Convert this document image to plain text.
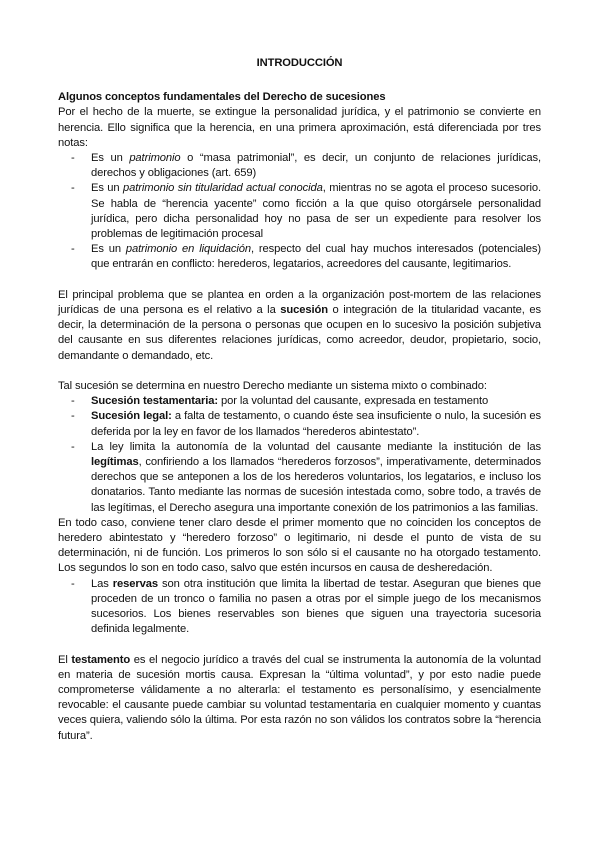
INTRODUCCIÓN
Algunos conceptos fundamentales del Derecho de sucesiones

Por el hecho de la muerte, se extingue la personalidad jurídica, y el patrimonio se convierte en herencia. Ello significa que la herencia, en una primera aproximación, está diferenciada por tres notas:

- Es un patrimonio o “masa patrimonial”, es decir, un conjunto de relaciones jurídicas, derechos y obligaciones (art. 659)
- Es un patrimonio sin titularidad actual conocida, mientras no se agota el proceso sucesorio. Se habla de “herencia yacente” como ficción a la que quiso otorgársele personalidad jurídica, pero dicha personalidad hoy no pasa de ser un expediente para resolver los problemas de legitimación procesal
- Es un patrimonio en liquidación, respecto del cual hay muchos interesados (potenciales) que entrarán en conflicto: herederos, legatarios, acreedores del causante, legitimarios.

El principal problema que se plantea en orden a la organización post-mortem de las relaciones jurídicas de una persona es el relativo a la sucesión o integración de la titularidad vacante, es decir, la determinación de la persona o personas que ocupen en lo sucesivo la posición subjetiva del causante en sus diferentes relaciones jurídicas, como acreedor, deudor, propietario, socio, demandante o demandado, etc.

Tal sucesión se determina en nuestro Derecho mediante un sistema mixto o combinado:

- Sucesión testamentaria: por la voluntad del causante, expresada en testamento
- Sucesión legal: a falta de testamento, o cuando éste sea insuficiente o nulo, la sucesión es deferida por la ley en favor de los llamados “herederos abintestato”.
- La ley limita la autonomía de la voluntad del causante mediante la institución de las legítimas, confiriendo a los llamados “herederos forzosos”, imperativamente, determinados derechos que se anteponen a los de los herederos voluntarios, los legatarios, e incluso los donatarios. Tanto mediante las normas de sucesión intestada como, sobre todo, a través de las legítimas, el Derecho asegura una importante conexión de los patrimonios a las familias.

En todo caso, conviene tener claro desde el primer momento que no coinciden los conceptos de heredero abintestato y “heredero forzoso” o legitimario, ni desde el punto de vista de su determinación, ni de función. Los primeros lo son sólo si el causante no ha otorgado testamento. Los segundos lo son en todo caso, salvo que estén incursos en causa de desheredación.

- Las reservas son otra institución que limita la libertad de testar. Aseguran que bienes que proceden de un tronco o familia no pasen a otras por el simple juego de los mecanismos sucesorios. Los bienes reservables son bienes que siguen una trayectoria sucesoria definida legalmente.

El testamento es el negocio jurídico a través del cual se instrumenta la autonomía de la voluntad en materia de sucesión mortis causa. Expresan la “última voluntad”, y por esto nadie puede comprometerse válidamente a no alterarla: el testamento es personalísimo, y esencialmente revocable: el causante puede cambiar su voluntad testamentaria en cualquier momento y cuantas veces quiera, valiendo sólo la última. Por esta razón no son válidos los contratos sobre la “herencia futura”.
